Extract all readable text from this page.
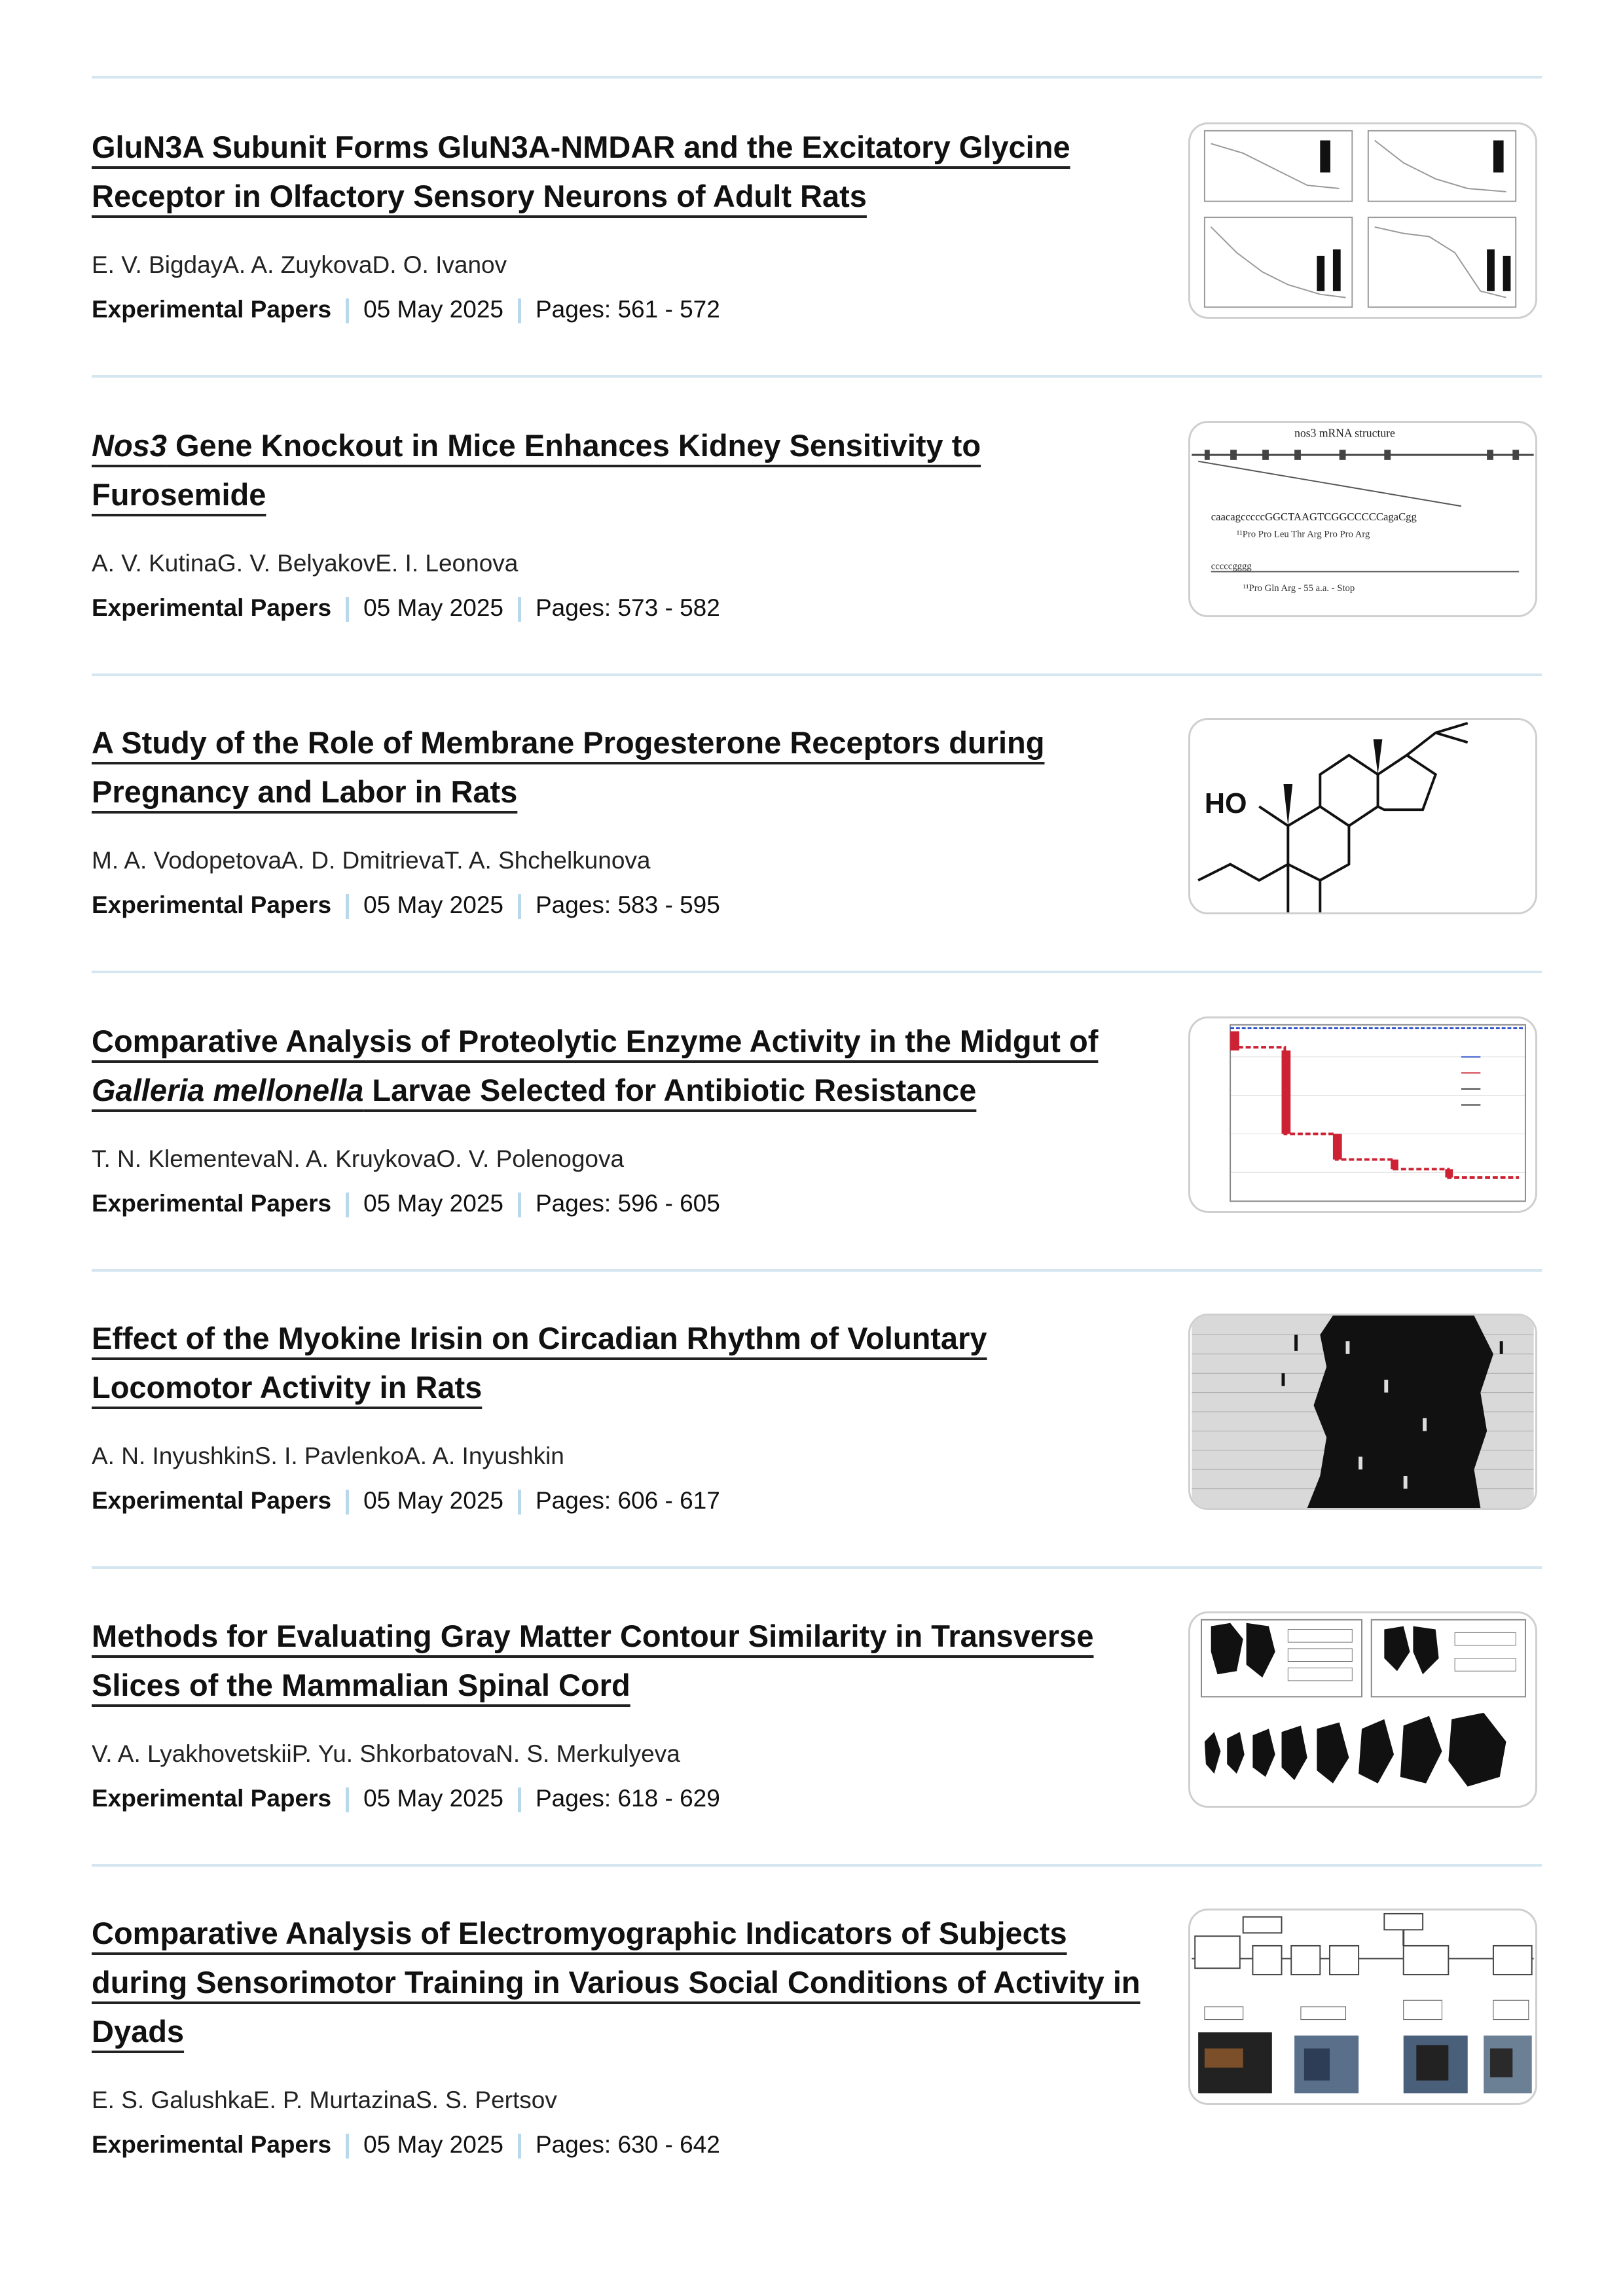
GluN3A Subunit Forms GluN3A-NMDAR and the Excitatory Glycine Receptor in Olfactory Sensory Neurons of Adult Rats
E. V. BigdayA. A. ZuykovaD. O. Ivanov
Experimental Papers 05 May 2025 Pages: 561 - 572
Nos3 Gene Knockout in Mice Enhances Kidney Sensitivity to Furosemide
A. V. KutinaG. V. BelyakovE. I. Leonova
Experimental Papers 05 May 2025 Pages: 573 - 582
nos3 mRNA structure
caacagcccccGGCTAAGTCGGCCCCCagaCgg
¹¹Pro Pro Leu Thr Arg Pro Pro Arg
cccccgggg
¹¹Pro Gln Arg - 55 a.a. - Stop
A Study of the Role of Membrane Progesterone Receptors during Pregnancy and Labor in Rats
M. A. VodopetovaA. D. DmitrievaT. A. Shchelkunova
Experimental Papers 05 May 2025 Pages: 583 - 595
HO
Comparative Analysis of Proteolytic Enzyme Activity in the Midgut of Galleria mellonella Larvae Selected for Antibiotic Resistance
T. N. KlementevaN. A. KruykovaO. V. Polenogova
Experimental Papers 05 May 2025 Pages: 596 - 605
Effect of the Myokine Irisin on Circadian Rhythm of Voluntary Locomotor Activity in Rats
A. N. InyushkinS. I. PavlenkoA. A. Inyushkin
Experimental Papers 05 May 2025 Pages: 606 - 617
Methods for Evaluating Gray Matter Contour Similarity in Transverse Slices of the Mammalian Spinal Cord
V. A. LyakhovetskiiP. Yu. ShkorbatovaN. S. Merkulyeva
Experimental Papers 05 May 2025 Pages: 618 - 629
Comparative Analysis of Electromyographic Indicators of Subjects during Sensorimotor Training in Various Social Conditions of Activity in Dyads
E. S. GalushkaE. P. MurtazinaS. S. Pertsov
Experimental Papers 05 May 2025 Pages: 630 - 642
